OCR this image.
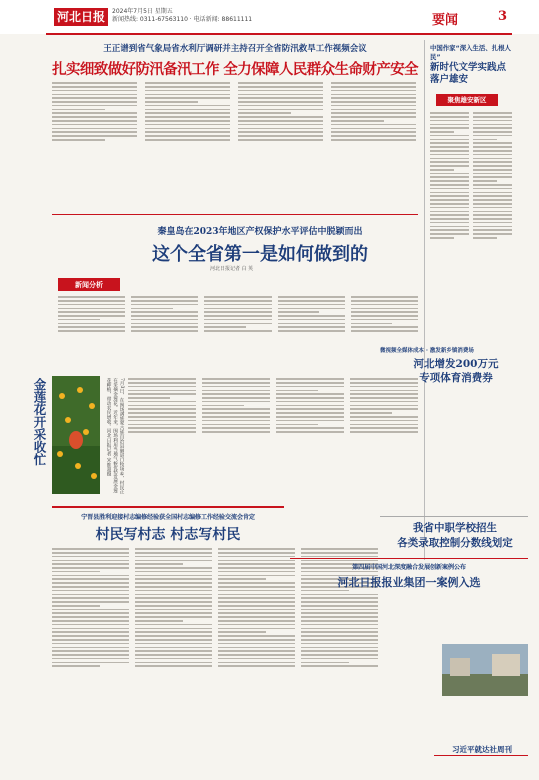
河北日报	2024年7月5日 星期五
新闻热线: 0311-67563110 · 电话新闻: 88611111	要闻	3
王正谱到省气象局省水利厅调研并主持召开全省防汛救旱工作视频会议
扎实细致做好防汛备汛工作 全力保障人民群众生命财产安全
中国作家“深入生活、扎根人民”
新时代文学实践点落户雄安
聚焦雄安新区
秦皇岛在2023年地区产权保护水平评估中脱颖而出
这个全省第一是如何做到的
河北日报记者 白 英
新闻分析
金莲花开采收忙	7月3日，在围场满族蒙古族自治县御道口牧场乡，村民正在采摘金莲花。近年来，围场利用当地气候优势发展金莲花种植，带动农民增收。河北日报记者 宋维超摄
微视频全媒体成本 · 激发新乡镇消费场
河北增发200万元
专项体育消费券
我省中职学校招生
各类录取控制分数线划定
宁晋县胜利迎接村志编修经验获全国村志编修工作经验交流会肯定
村民写村志 村志写村民
第四届中国河北深度融合发展创新案例公布
河北日报报业集团一案例入选
习近平就达社周刊
